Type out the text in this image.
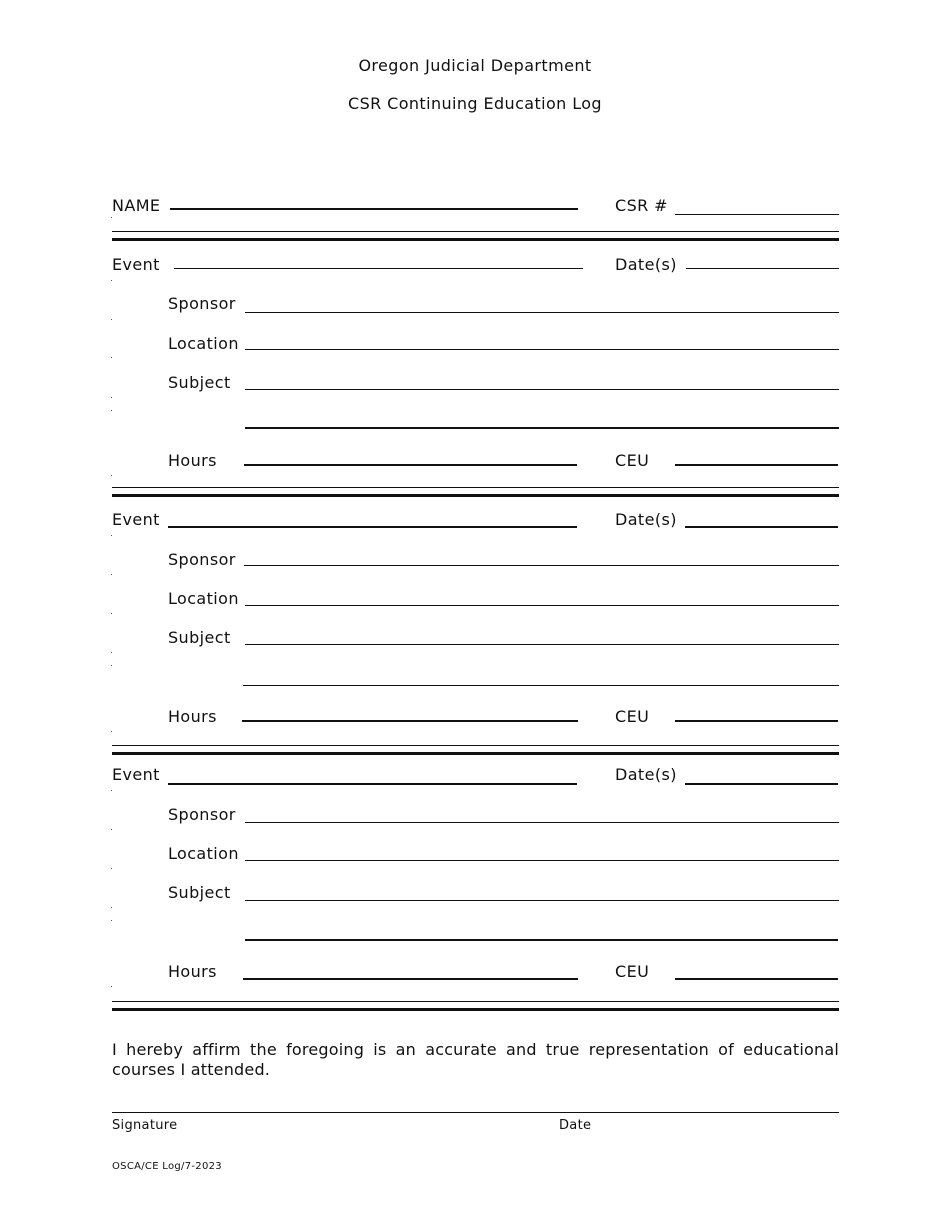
Oregon Judicial Department
CSR Continuing Education Log
NAME	CSR #
Event	Date(s)
Sponsor
Location
Subject
Hours	CEU
Event	Date(s)
Sponsor
Location
Subject
Hours	CEU
Event	Date(s)
Sponsor
Location
Subject
Hours	CEU
I hereby affirm the foregoing is an accurate and true representation of educational courses I attended.
Signature	Date
OSCA/CE Log/7-2023
